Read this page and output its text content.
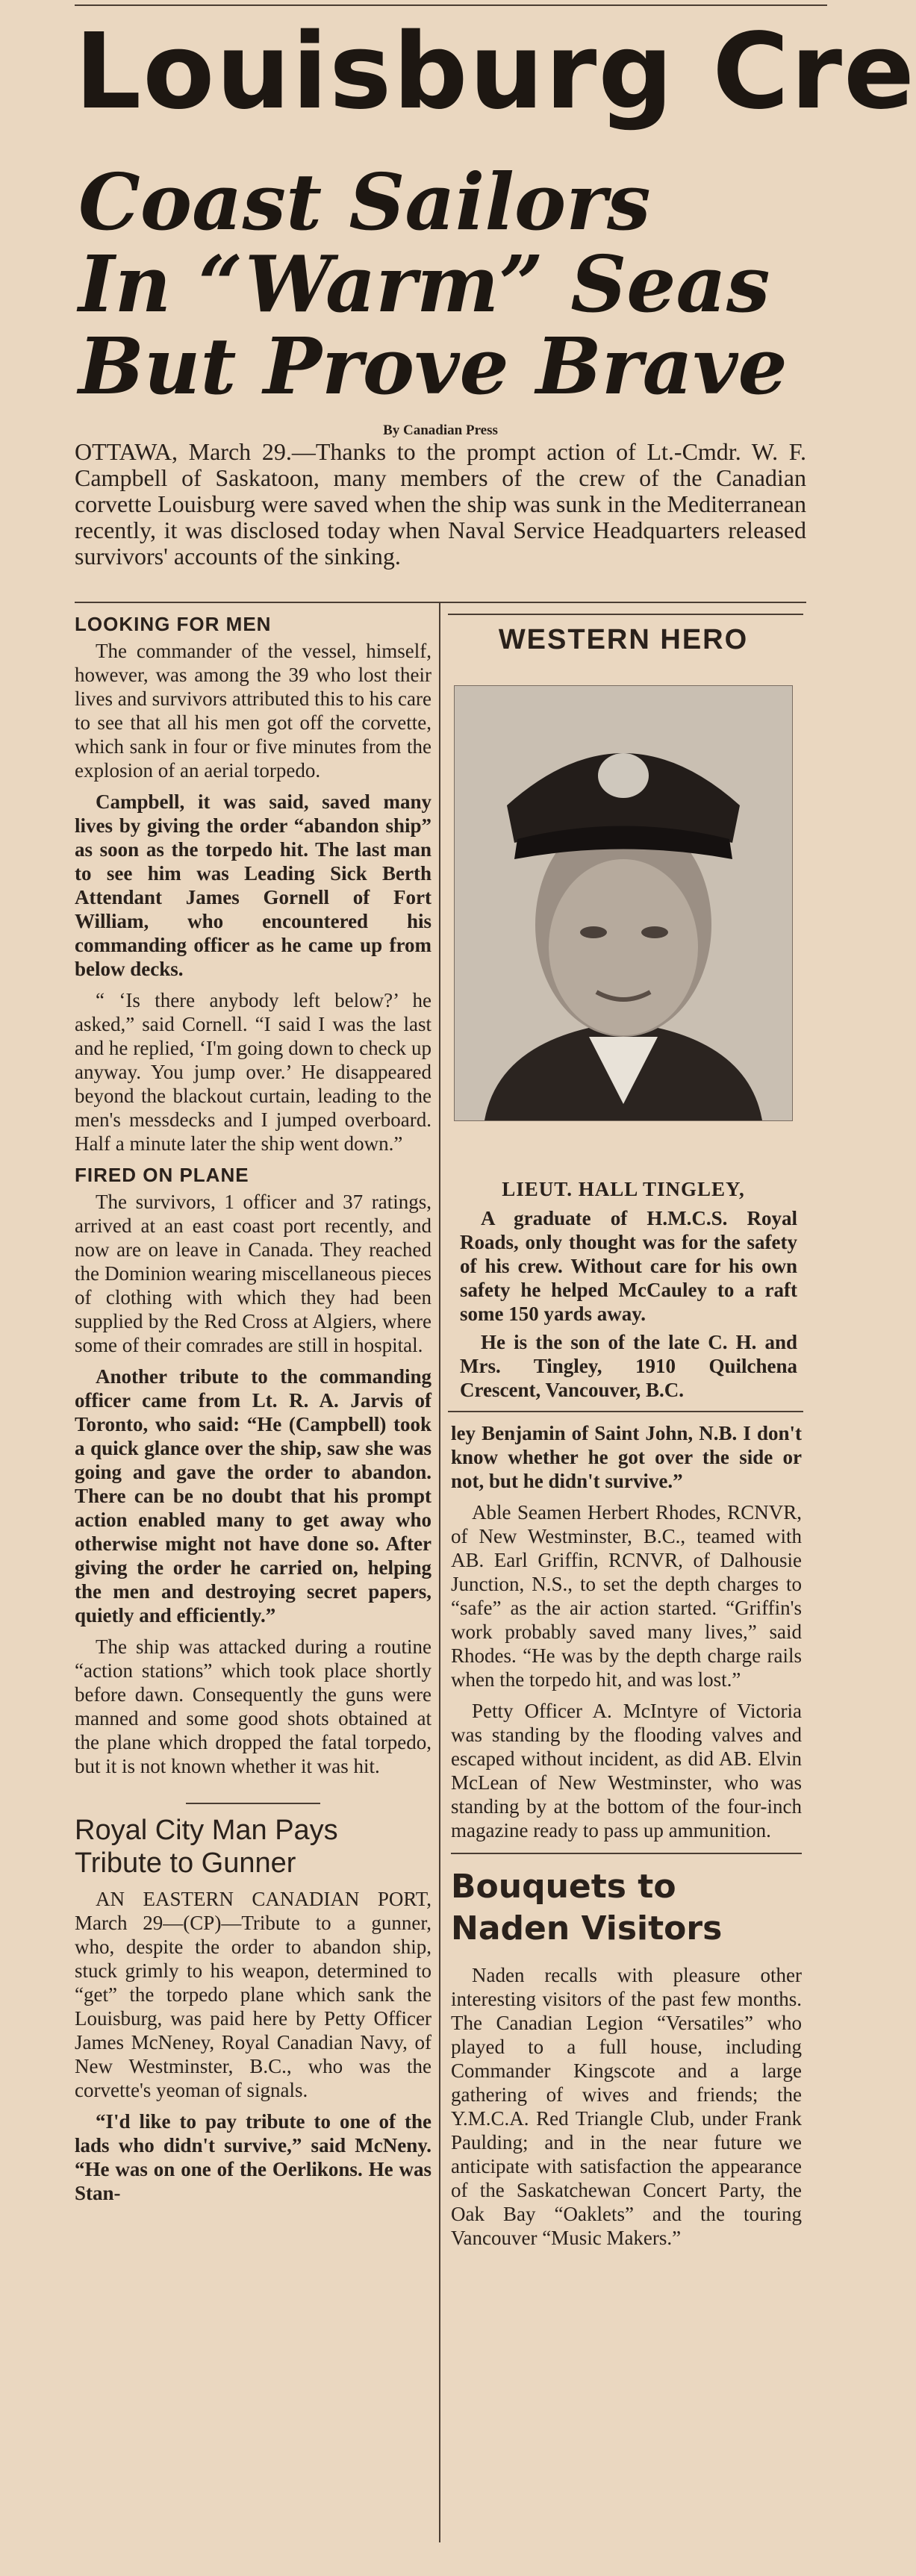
Louisburg Cre
Coast Sailors
In “Warm” Seas
But Prove Brave
By Canadian Press
OTTAWA, March 29.—Thanks to the prompt action of Lt.-Cmdr. W. F. Campbell of Saskatoon, many members of the crew of the Canadian corvette Louisburg were saved when the ship was sunk in the Mediterranean recently, it was disclosed today when Naval Service Headquarters released survivors' accounts of the sinking.
LOOKING FOR MEN

The commander of the vessel, himself, however, was among the 39 who lost their lives and survivors attributed this to his care to see that all his men got off the corvette, which sank in four or five minutes from the explosion of an aerial torpedo.

Campbell, it was said, saved many lives by giving the order “abandon ship” as soon as the torpedo hit. The last man to see him was Leading Sick Berth Attendant James Gornell of Fort William, who encountered his commanding officer as he came up from below decks.

“ ‘Is there anybody left below?’ he asked,” said Cornell. “I said I was the last and he replied, ‘I'm going down to check up anyway. You jump over.’ He disappeared beyond the blackout curtain, leading to the men's messdecks and I jumped overboard. Half a minute later the ship went down.”

FIRED ON PLANE

The survivors, 1 officer and 37 ratings, arrived at an east coast port recently, and now are on leave in Canada. They reached the Dominion wearing miscellaneous pieces of clothing with which they had been supplied by the Red Cross at Algiers, where some of their comrades are still in hospital.

Another tribute to the commanding officer came from Lt. R. A. Jarvis of Toronto, who said: “He (Campbell) took a quick glance over the ship, saw she was going and gave the order to abandon. There can be no doubt that his prompt action enabled many to get away who otherwise might not have done so. After giving the order he carried on, helping the men and destroying secret papers, quietly and efficiently.”

The ship was attacked during a routine “action stations” which took place shortly before dawn. Consequently the guns were manned and some good shots obtained at the plane which dropped the fatal torpedo, but it is not known whether it was hit.

Royal City Man Pays Tribute to Gunner

AN EASTERN CANADIAN PORT, March 29—(CP)—Tribute to a gunner, who, despite the order to abandon ship, stuck grimly to his weapon, determined to “get” the torpedo plane which sank the Louisburg, was paid here by Petty Officer James McNeney, Royal Canadian Navy, of New Westminster, B.C., who was the corvette's yeoman of signals.

“I'd like to pay tribute to one of the lads who didn't survive,” said McNeny. “He was on one of the Oerlikons. He was Stan-

WESTERN HERO
LIEUT. HALL TINGLEY,

A graduate of H.M.C.S. Royal Roads, only thought was for the safety of his crew. Without care for his own safety he helped McCauley to a raft some 150 yards away.

He is the son of the late C. H. and Mrs. Tingley, 1910 Quilchena Crescent, Vancouver, B.C.

ley Benjamin of Saint John, N.B. I don't know whether he got over the side or not, but he didn't survive.”

Able Seamen Herbert Rhodes, RCNVR, of New Westminster, B.C., teamed with AB. Earl Griffin, RCNVR, of Dalhousie Junction, N.S., to set the depth charges to “safe” as the air action started. “Griffin's work probably saved many lives,” said Rhodes. “He was by the depth charge rails when the torpedo hit, and was lost.”

Petty Officer A. McIntyre of Victoria was standing by the flooding valves and escaped without incident, as did AB. Elvin McLean of New Westminster, who was standing by at the bottom of the four-inch magazine ready to pass up ammunition.

Bouquets to Naden Visitors

Naden recalls with pleasure other interesting visitors of the past few months. The Canadian Legion “Versatiles” who played to a full house, including Commander Kingscote and a large gathering of wives and friends; the Y.M.C.A. Red Triangle Club, under Frank Paulding; and in the near future we anticipate with satisfaction the appearance of the Saskatchewan Concert Party, the Oak Bay “Oaklets” and the touring Vancouver “Music Makers.”
